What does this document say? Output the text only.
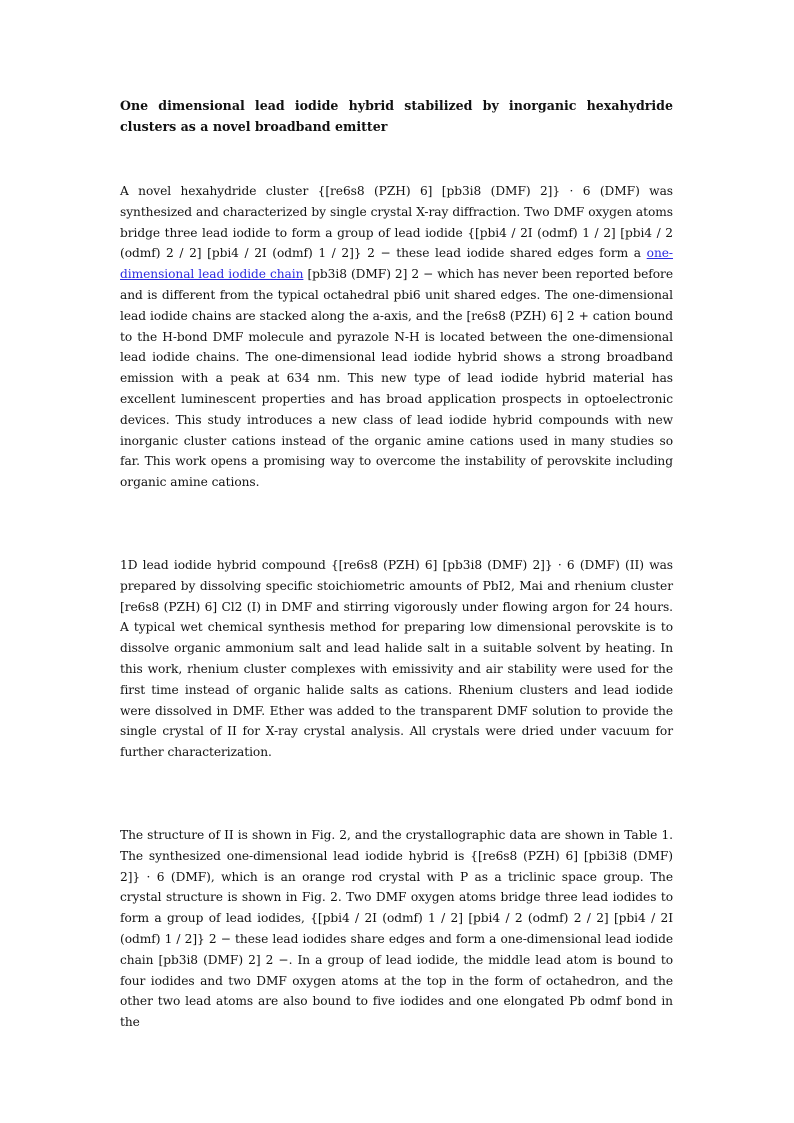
One dimensional lead iodide hybrid stabilized by inorganic hexahydride clusters as a novel broadband emitter

A novel hexahydride cluster {[re6s8 (PZH) 6] [pb3i8 (DMF) 2]} · 6 (DMF) was synthesized and characterized by single crystal X-ray diffraction. Two DMF oxygen atoms bridge three lead iodide to form a group of lead iodide {[pbi4 / 2I (odmf) 1 / 2] [pbi4 / 2 (odmf) 2 / 2] [pbi4 / 2I (odmf) 1 / 2]} 2 − these lead iodide shared edges form a one-dimensional lead iodide chain [pb3i8 (DMF) 2] 2 − which has never been reported before and is different from the typical octahedral pbi6 unit shared edges. The one-dimensional lead iodide chains are stacked along the a-axis, and the [re6s8 (PZH) 6] 2 + cation bound to the H-bond DMF molecule and pyrazole N-H is located between the one-dimensional lead iodide chains. The one-dimensional lead iodide hybrid shows a strong broadband emission with a peak at 634 nm. This new type of lead iodide hybrid material has excellent luminescent properties and has broad application prospects in optoelectronic devices. This study introduces a new class of lead iodide hybrid compounds with new inorganic cluster cations instead of the organic amine cations used in many studies so far. This work opens a promising way to overcome the instability of perovskite including organic amine cations.

1D lead iodide hybrid compound {[re6s8 (PZH) 6] [pb3i8 (DMF) 2]} · 6 (DMF) (II) was prepared by dissolving specific stoichiometric amounts of PbI2, Mai and rhenium cluster [re6s8 (PZH) 6] Cl2 (I) in DMF and stirring vigorously under flowing argon for 24 hours. A typical wet chemical synthesis method for preparing low dimensional perovskite is to dissolve organic ammonium salt and lead halide salt in a suitable solvent by heating. In this work, rhenium cluster complexes with emissivity and air stability were used for the first time instead of organic halide salts as cations. Rhenium clusters and lead iodide were dissolved in DMF. Ether was added to the transparent DMF solution to provide the single crystal of II for X-ray crystal analysis. All crystals were dried under vacuum for further characterization.

The structure of II is shown in Fig. 2, and the crystallographic data are shown in Table 1. The synthesized one-dimensional lead iodide hybrid is {[re6s8 (PZH) 6] [pbi3i8 (DMF) 2]} · 6 (DMF), which is an orange rod crystal with P as a triclinic space group. The crystal structure is shown in Fig. 2. Two DMF oxygen atoms bridge three lead iodides to form a group of lead iodides, {[pbi4 / 2I (odmf) 1 / 2] [pbi4 / 2 (odmf) 2 / 2] [pbi4 / 2I (odmf) 1 / 2]} 2 − these lead iodides share edges and form a one-dimensional lead iodide chain [pb3i8 (DMF) 2] 2 −. In a group of lead iodide, the middle lead atom is bound to four iodides and two DMF oxygen atoms at the top in the form of octahedron, and the other two lead atoms are also bound to five iodides and one elongated Pb odmf bond in the
